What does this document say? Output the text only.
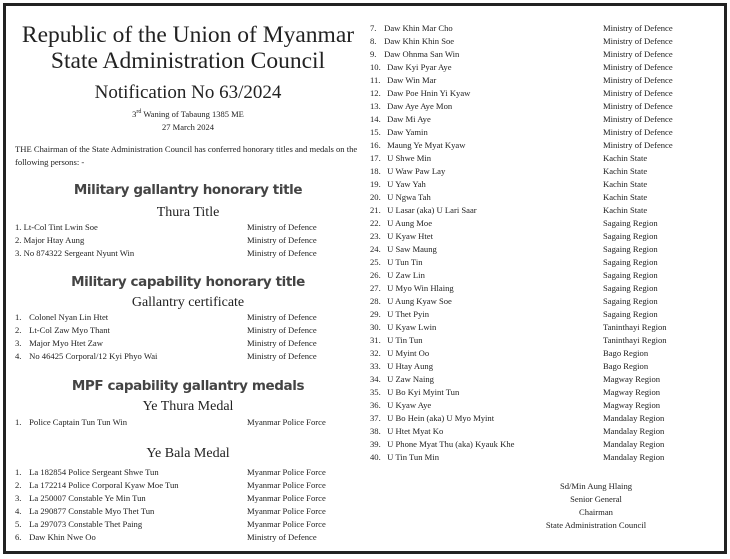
Republic of the Union of Myanmar
State Administration Council
Notification No 63/2024
3rd Waning of Tabaung 1385 ME
27 March 2024
THE Chairman of the State Administration Council has conferred honorary titles and medals on the following persons: -
Military gallantry honorary title
Thura Title
1. Lt-Col Tint Lwin Soe	Ministry of Defence
2. Major Htay Aung	Ministry of Defence
3. No 874322 Sergeant Nyunt Win	Ministry of Defence
Military capability honorary title
Gallantry certificate
1. Colonel Nyan Lin Htet	Ministry of Defence
2. Lt-Col Zaw Myo Thant	Ministry of Defence
3. Major Myo Htet Zaw	Ministry of Defence
4. No 46425 Corporal/12 Kyi Phyo Wai	Ministry of Defence
MPF capability gallantry medals
Ye Thura Medal
1. Police Captain Tun Tun Win	Myanmar Police Force
Ye Bala Medal
1. La 182854 Police Sergeant Shwe Tun	Myanmar Police Force
2. La 172214 Police Corporal Kyaw Moe Tun	Myanmar Police Force
3. La 250007 Constable Ye Min Tun	Myanmar Police Force
4. La 290877 Constable Myo Thet Tun	Myanmar Police Force
5. La 297073 Constable Thet Paing	Myanmar Police Force
6. Daw Khin Nwe Oo	Ministry of Defence
7. Daw Khin Mar Cho	Ministry of Defence
8. Daw Khin Khin Soe	Ministry of Defence
9. Daw Ohnma San Win	Ministry of Defence
10. Daw Kyi Pyar Aye	Ministry of Defence
11. Daw Win Mar	Ministry of Defence
12. Daw Poe Hnin Yi Kyaw	Ministry of Defence
13. Daw Aye Aye Mon	Ministry of Defence
14. Daw Mi Aye	Ministry of Defence
15. Daw Yamin	Ministry of Defence
16. Maung Ye Myat Kyaw	Ministry of Defence
17. U Shwe Min	Kachin State
18. U Waw Paw Lay	Kachin State
19. U Yaw Yah	Kachin State
20. U Ngwa Tah	Kachin State
21. U Lasar (aka) U Lari Saar	Kachin State
22. U Aung Moe	Sagaing Region
23. U Kyaw Htet	Sagaing Region
24. U Saw Maung	Sagaing Region
25. U Tun Tin	Sagaing Region
26. U Zaw Lin	Sagaing Region
27. U Myo Win Hlaing	Sagaing Region
28. U Aung Kyaw Soe	Sagaing Region
29. U Thet Pyin	Sagaing Region
30. U Kyaw Lwin	Taninthayi Region
31. U Tin Tun	Taninthayi Region
32. U Myint Oo	Bago Region
33. U Htay Aung	Bago Region
34. U Zaw Naing	Magway Region
35. U Bo Kyi Myint Tun	Magway Region
36. U Kyaw Aye	Magway Region
37. U Bo Hein (aka) U Myo Myint	Mandalay Region
38. U Htet Myat Ko	Mandalay Region
39. U Phone Myat Thu (aka) Kyauk Khe	Mandalay Region
40. U Tin Tun Min	Mandalay Region
Sd/Min Aung Hlaing
Senior General
Chairman
State Administration Council
